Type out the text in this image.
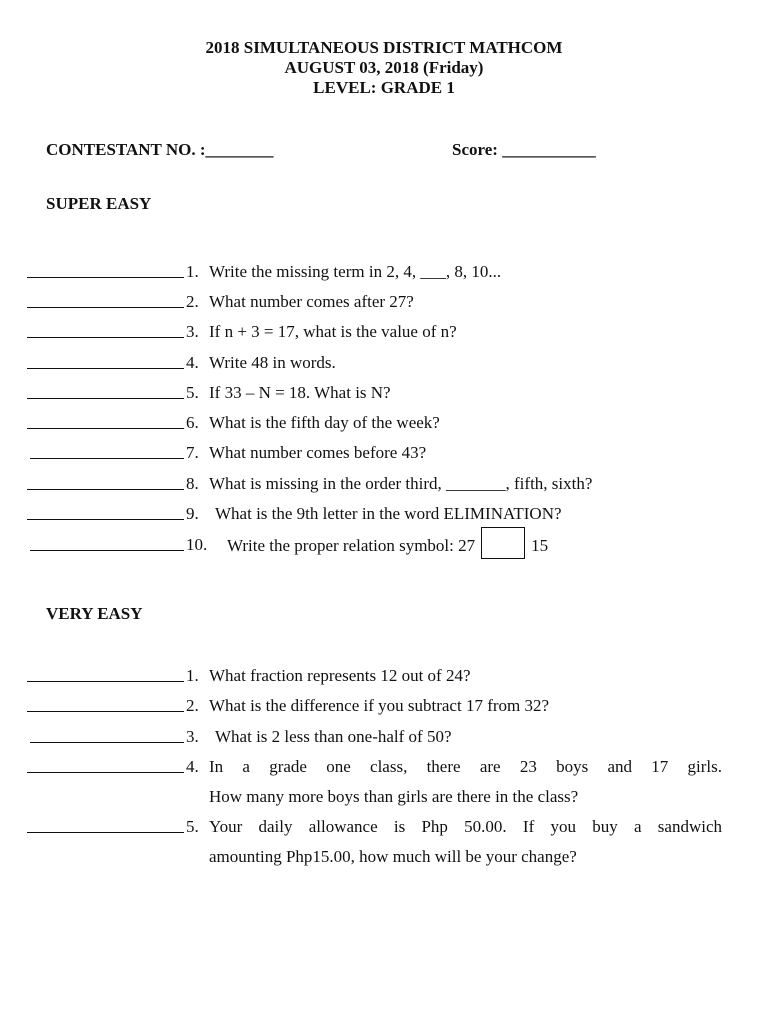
2018 SIMULTANEOUS DISTRICT MATHCOM
AUGUST 03, 2018 (Friday)
LEVEL: GRADE 1
CONTESTANT NO. :________	Score: ___________
SUPER EASY
1. Write the missing term in 2, 4, ___, 8, 10...
2. What number comes after 27?
3. If n + 3 = 17, what is the value of n?
4. Write 48 in words.
5. If 33 – N = 18. What is N?
6. What is the fifth day of the week?
7. What number comes before 43?
8. What is missing in the order third, _______, fifth, sixth?
9. What is the 9th letter in the word ELIMINATION?
10. Write the proper relation symbol: 27	15
VERY EASY
1. What fraction represents 12 out of 24?
2. What is the difference if you subtract 17 from 32?
3. What is 2 less than one-half of 50?
4. In a grade one class, there are 23 boys and 17 girls.
How many more boys than girls are there in the class?
5. Your daily allowance is Php 50.00. If you buy a sandwich
amounting Php15.00, how much will be your change?
